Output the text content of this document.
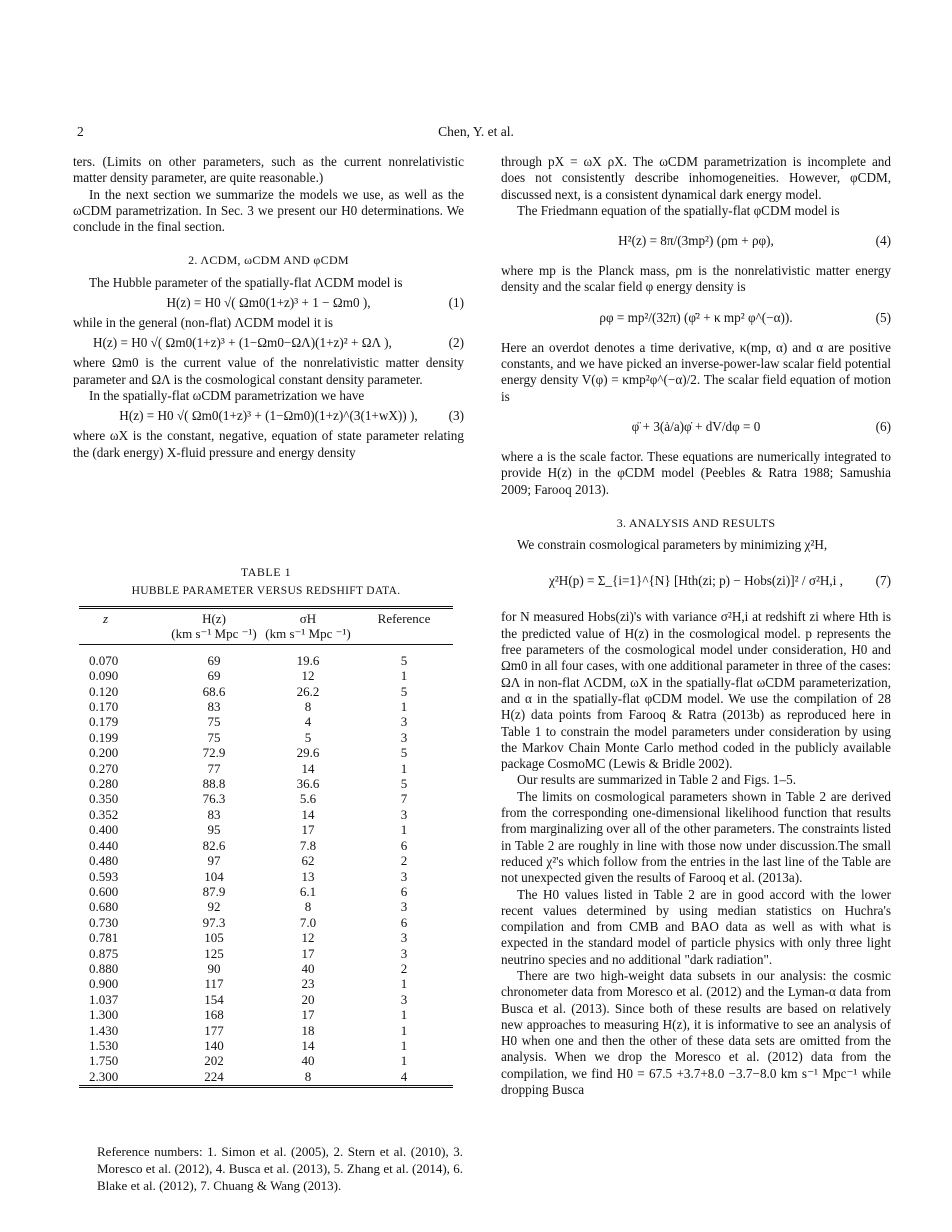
2	Chen, Y. et al.

ters. (Limits on other parameters, such as the current nonrelativistic matter density parameter, are quite reasonable.)

In the next section we summarize the models we use, as well as the ωCDM parametrization. In Sec. 3 we present our H0 determinations. We conclude in the final section.

2. ΛCDM, ωCDM AND φCDM

The Hubble parameter of the spatially-flat ΛCDM model is

H(z) = H0 √( Ωm0(1+z)³ + 1 − Ωm0 ),	(1)

while in the general (non-flat) ΛCDM model it is

H(z) = H0 √( Ωm0(1+z)³ + (1−Ωm0−ΩΛ)(1+z)² + ΩΛ ),	(2)

where Ωm0 is the current value of the nonrelativistic matter density parameter and ΩΛ is the cosmological constant density parameter.

In the spatially-flat ωCDM parametrization we have

H(z) = H0 √( Ωm0(1+z)³ + (1−Ωm0)(1+z)^(3(1+wX)) ), (3)

where ωX is the constant, negative, equation of state parameter relating the (dark energy) X-fluid pressure and energy density

TABLE 1
HUBBLE PARAMETER VERSUS REDSHIFT DATA.
z	H(z)	σH	Reference
	(km s⁻¹ Mpc ⁻¹)	(km s⁻¹ Mpc ⁻¹)	
0.070	69	19.6	5
0.090	69	12	1
0.120	68.6	26.2	5
0.170	83	8	1
0.179	75	4	3
0.199	75	5	3
0.200	72.9	29.6	5
0.270	77	14	1
0.280	88.8	36.6	5
0.350	76.3	5.6	7
0.352	83	14	3
0.400	95	17	1
0.440	82.6	7.8	6
0.480	97	62	2
0.593	104	13	3
0.600	87.9	6.1	6
0.680	92	8	3
0.730	97.3	7.0	6
0.781	105	12	3
0.875	125	17	3
0.880	90	40	2
0.900	117	23	1
1.037	154	20	3
1.300	168	17	1
1.430	177	18	1
1.530	140	14	1
1.750	202	40	1
2.300	224	8	4
Reference numbers: 1. Simon et al. (2005), 2. Stern et al. (2010), 3. Moresco et al. (2012), 4. Busca et al. (2013), 5. Zhang et al. (2014), 6. Blake et al. (2012), 7. Chuang & Wang (2013).

through pX = ωX ρX. The ωCDM parametrization is incomplete and does not consistently describe inhomogeneities. However, φCDM, discussed next, is a consistent dynamical dark energy model.

The Friedmann equation of the spatially-flat φCDM model is

H²(z) = 8π/(3mp²) (ρm + ρφ),	(4)

where mp is the Planck mass, ρm is the nonrelativistic matter energy density and the scalar field φ energy density is

ρφ = mp²/(32π) (φ̇² + κ mp² φ^(−α)).	(5)

Here an overdot denotes a time derivative, κ(mp, α) and α are positive constants, and we have picked an inverse-power-law scalar field potential energy density V(φ) = κmp²φ^(−α)/2. The scalar field equation of motion is

φ̈ + 3(ȧ/a)φ̇ + dV/dφ = 0	(6)

where a is the scale factor. These equations are numerically integrated to provide H(z) in the φCDM model (Peebles & Ratra 1988; Samushia 2009; Farooq 2013).

3. ANALYSIS AND RESULTS

We constrain cosmological parameters by minimizing χ²H,

χ²H(p) = Σ_{i=1}^{N} [Hth(zi; p) − Hobs(zi)]² / σ²H,i , (7)

for N measured Hobs(zi)'s with variance σ²H,i at redshift zi where Hth is the predicted value of H(z) in the cosmological model. p represents the free parameters of the cosmological model under consideration, H0 and Ωm0 in all four cases, with one additional parameter in three of the cases: ΩΛ in non-flat ΛCDM, ωX in the spatially-flat ωCDM parameterization, and α in the spatially-flat φCDM model. We use the compilation of 28 H(z) data points from Farooq & Ratra (2013b) as reproduced here in Table 1 to constrain the model parameters under consideration by using the Markov Chain Monte Carlo method coded in the publicly available package CosmoMC (Lewis & Bridle 2002).

Our results are summarized in Table 2 and Figs. 1–5.

The limits on cosmological parameters shown in Table 2 are derived from the corresponding one-dimensional likelihood function that results from marginalizing over all of the other parameters. The constraints listed in Table 2 are roughly in line with those now under discussion.The small reduced χ²'s which follow from the entries in the last line of the Table are not unexpected given the results of Farooq et al. (2013a).

The H0 values listed in Table 2 are in good accord with the lower recent values determined by using median statistics on Huchra's compilation and from CMB and BAO data as well as with what is expected in the standard model of particle physics with only three light neutrino species and no additional "dark radiation".

There are two high-weight data subsets in our analysis: the cosmic chronometer data from Moresco et al. (2012) and the Lyman-α data from Busca et al. (2013). Since both of these results are based on relatively new approaches to measuring H(z), it is informative to see an analysis of H0 when one and then the other of these data sets are omitted from the analysis. When we drop the Moresco et al. (2012) data from the compilation, we find H0 = 67.5 +3.7+8.0 −3.7−8.0 km s⁻¹ Mpc⁻¹ while dropping Busca
